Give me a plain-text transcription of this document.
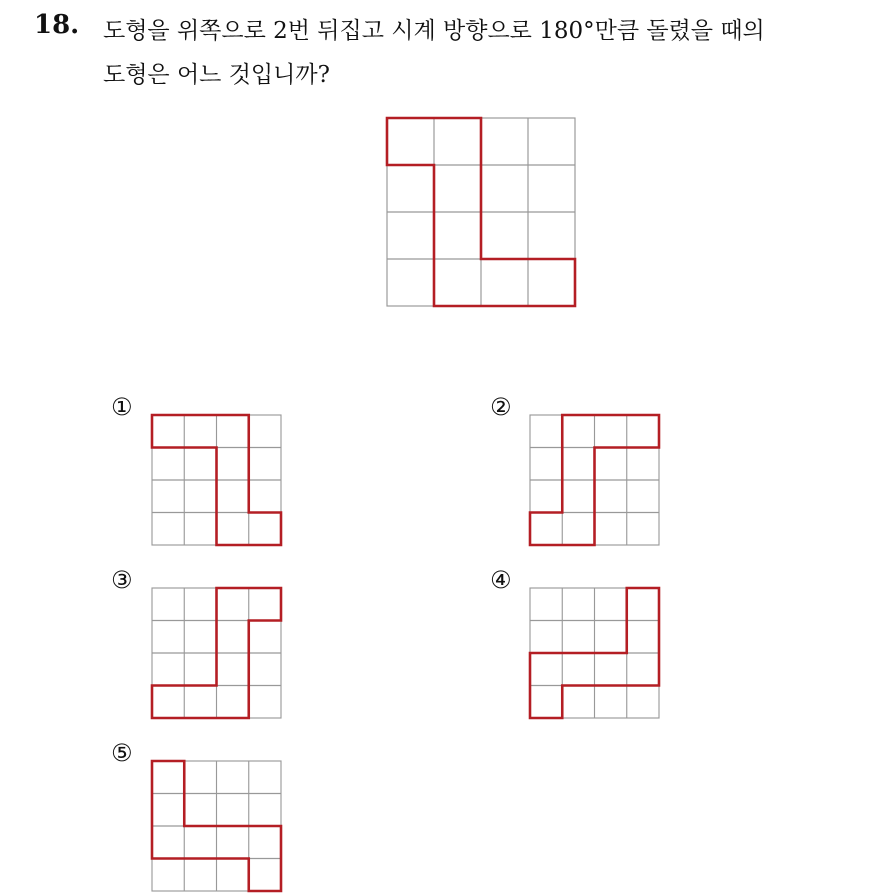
18. 도형을 위쪽으로 2번 뒤집고 시계 방향으로 180°만큼 돌렸을 때의
도형은 어느 것입니까?
①	②
③	④
⑤
